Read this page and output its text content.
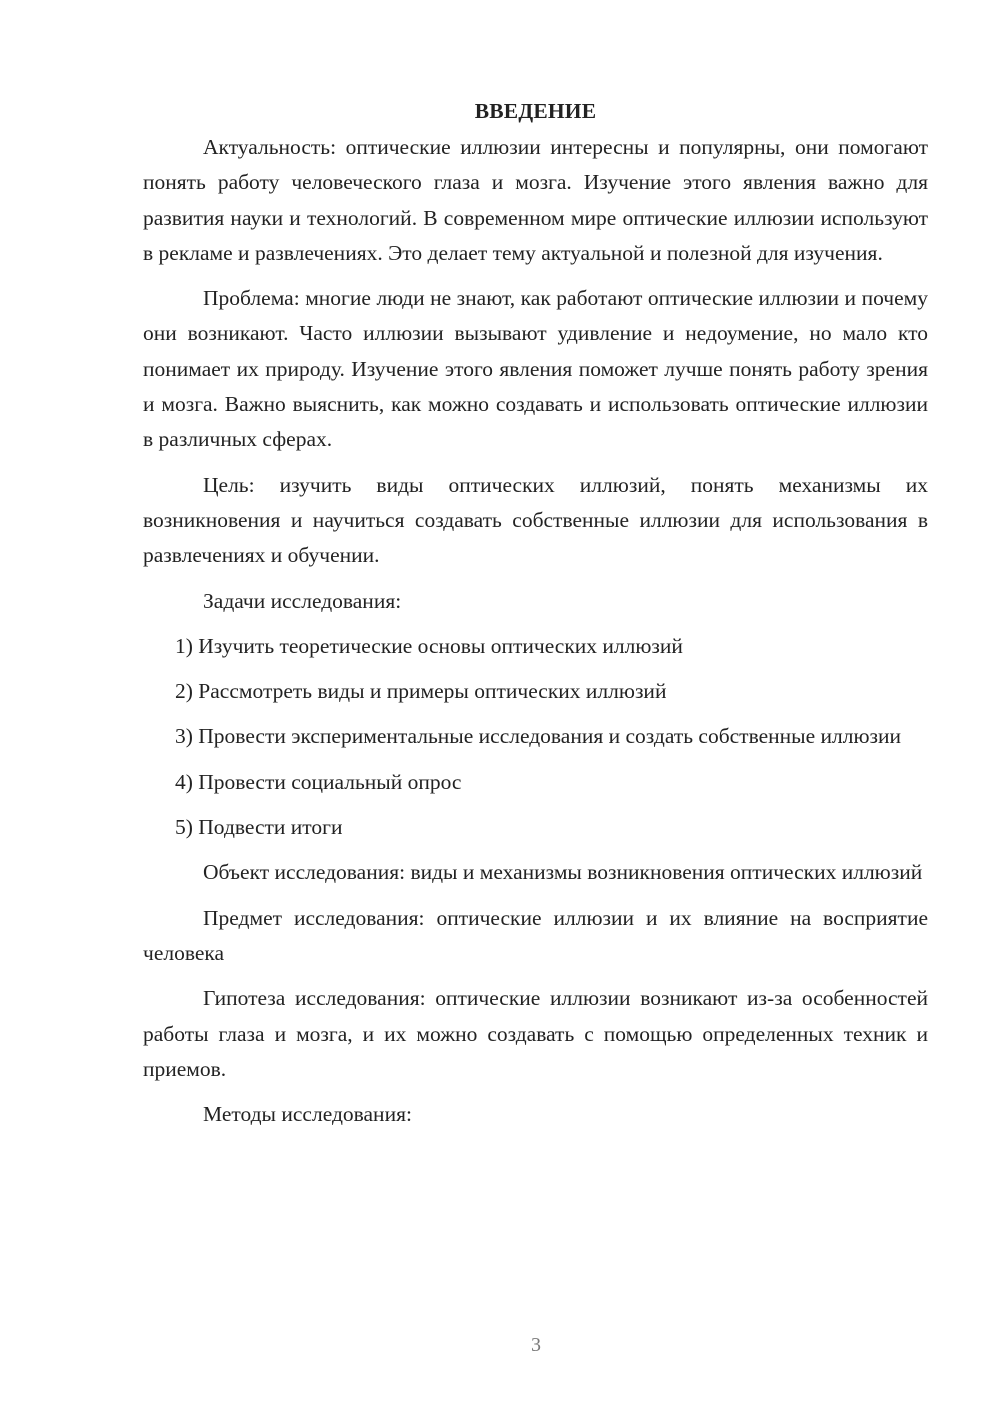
ВВЕДЕНИЕ

Актуальность: оптические иллюзии интересны и популярны, они помогают понять работу человеческого глаза и мозга. Изучение этого явления важно для развития науки и технологий. В современном мире оптические иллюзии используют в рекламе и развлечениях. Это делает тему актуальной и полезной для изучения.

Проблема: многие люди не знают, как работают оптические иллюзии и почему они возникают. Часто иллюзии вызывают удивление и недоумение, но мало кто понимает их природу. Изучение этого явления поможет лучше понять работу зрения и мозга. Важно выяснить, как можно создавать и использовать оптические иллюзии в различных сферах.

Цель: изучить виды оптических иллюзий, понять механизмы их возникновения и научиться создавать собственные иллюзии для использования в развлечениях и обучении.

Задачи исследования:

1) Изучить теоретические основы оптических иллюзий

2) Рассмотреть виды и примеры оптических иллюзий

3) Провести экспериментальные исследования и создать собственные иллюзии

4) Провести социальный опрос

5) Подвести итоги

Объект исследования: виды и механизмы возникновения оптических иллюзий

Предмет исследования: оптические иллюзии и их влияние на восприятие человека

Гипотеза исследования: оптические иллюзии возникают из-за особенностей работы глаза и мозга, и их можно создавать с помощью определенных техник и приемов.

Методы исследования:

3
